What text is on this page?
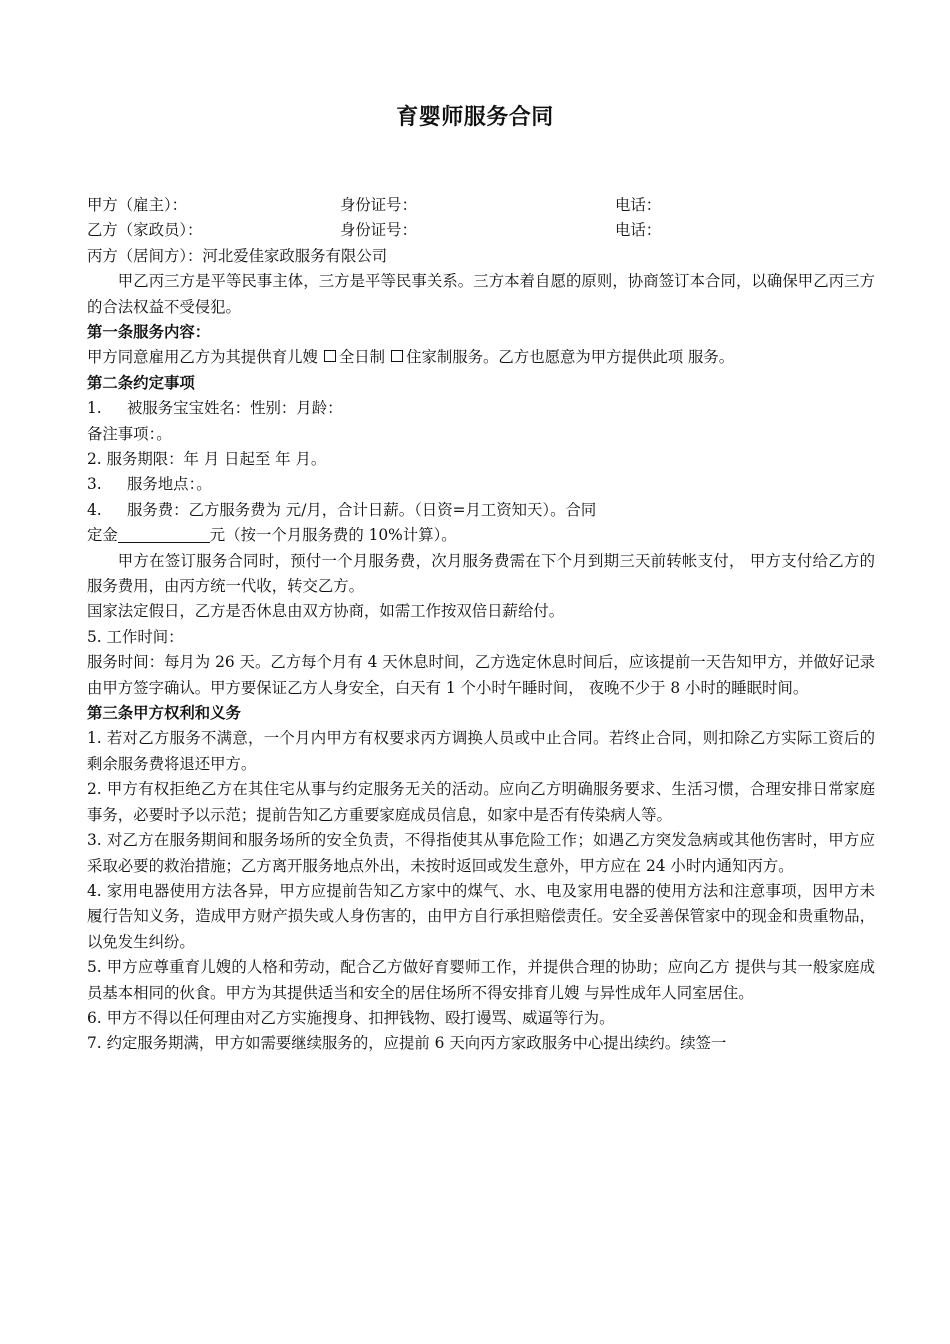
育婴师服务合同
甲方（雇主）：	身份证号：	电话：
乙方（家政员）：	身份证号：	电话：
丙方（居间方）：河北爱佳家政服务有限公司

甲乙丙三方是平等民事主体，三方是平等民事关系。三方本着自愿的原则，协商签订本合同，以确保甲乙丙三方的合法权益不受侵犯。

第一条服务内容：

甲方同意雇用乙方为其提供育儿嫂 全日制 住家制服务。乙方也愿意为甲方提供此项 服务。

第二条约定事项

1. 被服务宝宝姓名：性别：月龄：

备注事项：。

2. 服务期限：年 月 日起至 年 月。

3. 服务地点：。

4. 服务费：乙方服务费为 元/月，合计日薪。（日资=月工资知天）。合同

定金	元（按一个月服务费的 10%计算）。

甲方在签订服务合同时，预付一个月服务费，次月服务费需在下个月到期三天前转帐支付， 甲方支付给乙方的服务费用，由丙方统一代收，转交乙方。

国家法定假日，乙方是否休息由双方协商，如需工作按双倍日薪给付。

5. 工作时间：

服务时间：每月为 26 天。乙方每个月有 4 天休息时间，乙方选定休息时间后，应该提前一天告知甲方，并做好记录由甲方签字确认。甲方要保证乙方人身安全，白天有 1 个小时午睡时间， 夜晚不少于 8 小时的睡眠时间。

第三条甲方权利和义务

1. 若对乙方服务不满意，一个月内甲方有权要求丙方调换人员或中止合同。若终止合同，则扣除乙方实际工资后的剩余服务费将退还甲方。

2. 甲方有权拒绝乙方在其住宅从事与约定服务无关的活动。应向乙方明确服务要求、生活习惯，合理安排日常家庭事务，必要时予以示范；提前告知乙方重要家庭成员信息，如家中是否有传染病人等。

3. 对乙方在服务期间和服务场所的安全负责，不得指使其从事危险工作；如遇乙方突发急病或其他伤害时，甲方应采取必要的救治措施；乙方离开服务地点外出，未按时返回或发生意外，甲方应在 24 小时内通知丙方。

4. 家用电器使用方法各异，甲方应提前告知乙方家中的煤气、水、电及家用电器的使用方法和注意事项，因甲方未履行告知义务，造成甲方财产损失或人身伤害的，由甲方自行承担赔偿责任。安全妥善保管家中的现金和贵重物品，以免发生纠纷。

5. 甲方应尊重育儿嫂的人格和劳动，配合乙方做好育婴师工作，并提供合理的协助；应向乙方 提供与其一般家庭成员基本相同的伙食。甲方为其提供适当和安全的居住场所不得安排育儿嫂 与异性成年人同室居住。

6. 甲方不得以任何理由对乙方实施搜身、扣押钱物、殴打谩骂、威逼等行为。

7. 约定服务期满，甲方如需要继续服务的，应提前 6 天向丙方家政服务中心提出续约。续签一
